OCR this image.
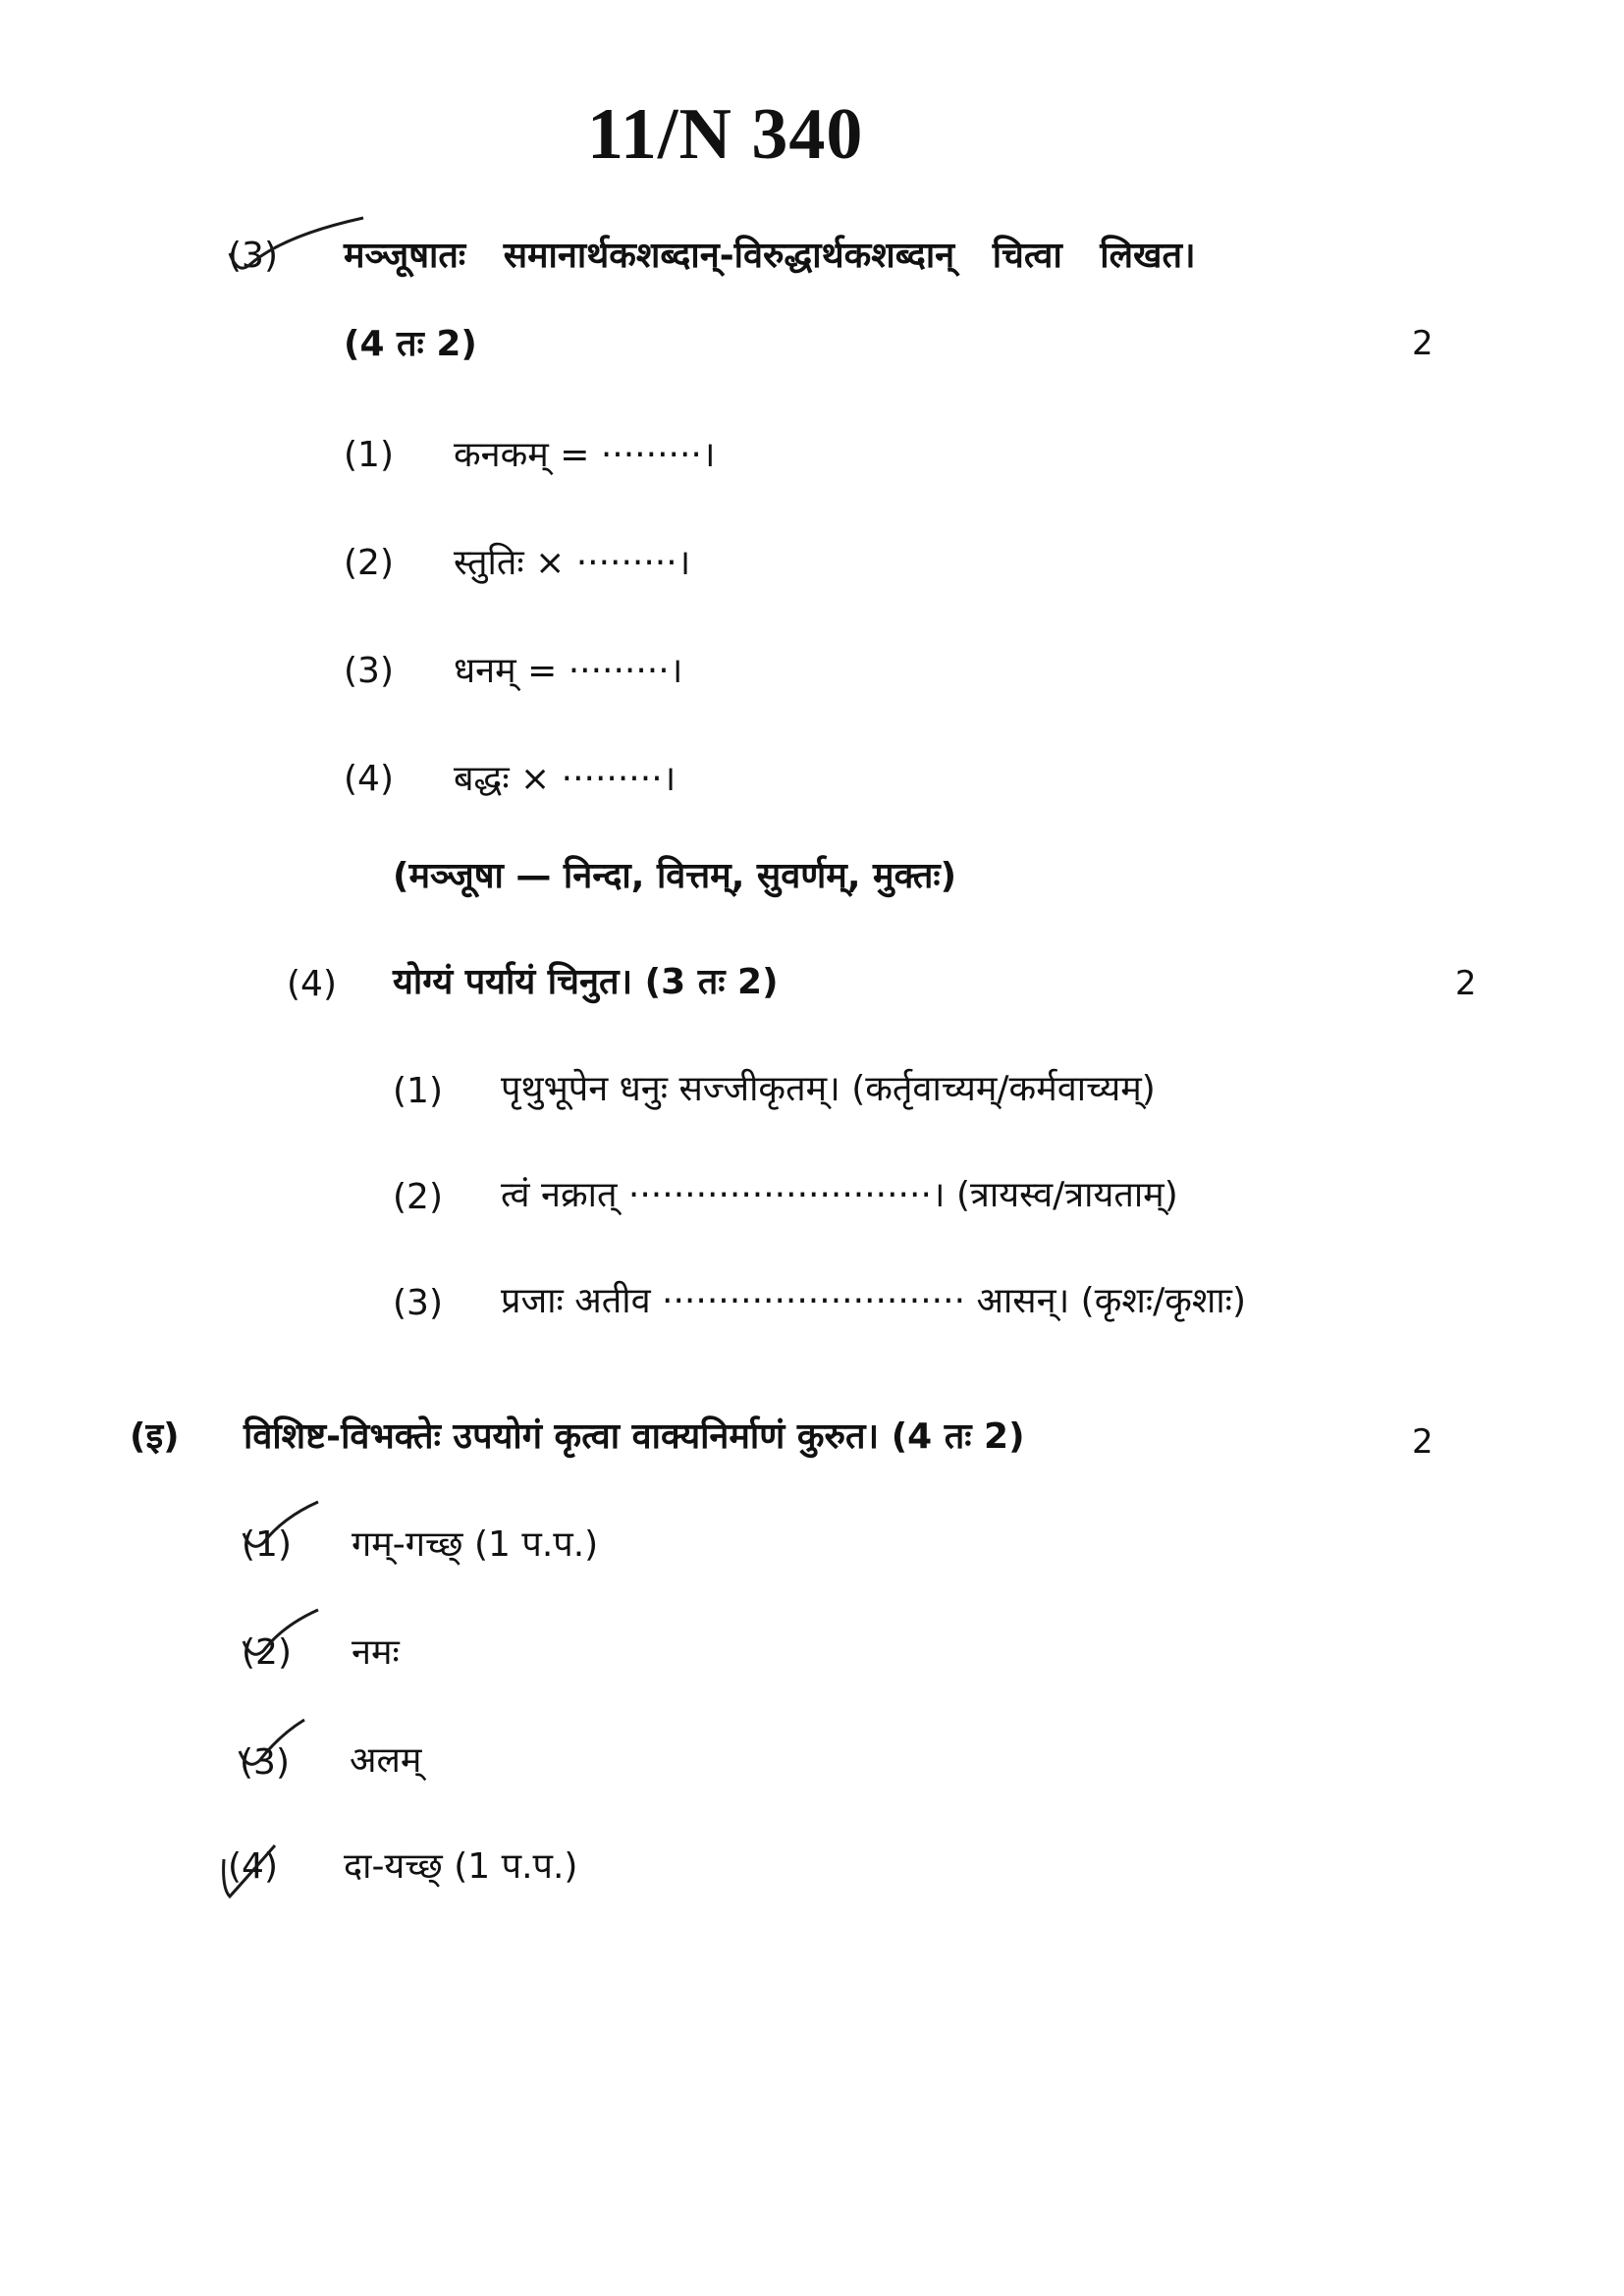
11/N 340
(3) मञ्जूषातः समानार्थकशब्दान्-विरुद्धार्थकशब्दान् चित्वा लिखत।
(4 तः 2)	2
(1) कनकम् = ·········।
(2) स्तुतिः × ·········।
(3) धनम् = ·········।
(4) बद्धः × ·········।
(मञ्जूषा — निन्दा, वित्तम्, सुवर्णम्, मुक्तः)
(4) योग्यं पर्यायं चिनुत। (3 तः 2)	2
(1) पृथुभूपेन धनुः सज्जीकृतम्। (कर्तृवाच्यम्/कर्मवाच्यम्)
(2) त्वं नक्रात् ···························। (त्रायस्व/त्रायताम्)
(3) प्रजाः अतीव ··························· आसन्। (कृशः/कृशाः)
(इ) विशिष्ट-विभक्तेः उपयोगं कृत्वा वाक्यनिर्माणं कुरुत। (4 तः 2)	2
(1) गम्-गच्छ् (1 प.प.)
(2) नमः
(3) अलम्
(4) दा-यच्छ् (1 प.प.)
